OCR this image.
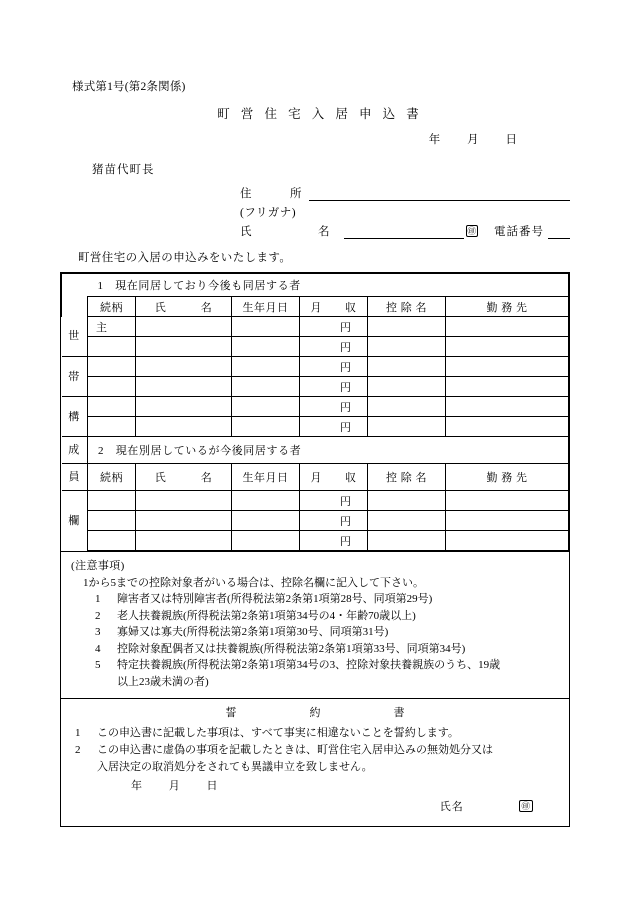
様式第1号(第2条関係)
町 営 住 宅 入 居 申 込 書
年 月 日
猪苗代町長
住　　　所
(フリガナ)
氏　　　名	㊞ 電話番号
町営住宅の入居の申込みをいたします。
	1　現在同居しており今後も同居する者					
	続柄	氏　　　名	生年月日	月　　収	控 除 名	勤 務 先
世	主			円		
				円		
帯				円		
				円		
構				円		
				円		
成	2　現在別居しているが今後同居する者					
員	続柄	氏　　　名	生年月日	月　　収	控 除 名	勤 務 先
欄				円		
				円		
				円		
(注意事項)
1から5までの控除対象者がいる場合は、控除名欄に記入して下さい。
1 障害者又は特別障害者(所得税法第2条第1項第28号、同項第29号)
2 老人扶養親族(所得税法第2条第1項第34号の4・年齢70歳以上)
3 寡婦又は寡夫(所得税法第2条第1項第30号、同項第31号)
4 控除対象配偶者又は扶養親族(所得税法第2条第1項第33号、同項第34号)
5 特定扶養親族(所得税法第2条第1項第34号の3、控除対象扶養親族のうち、19歳
以上23歳未満の者)
誓　　　約　　　書
1 この申込書に記載した事項は、すべて事実に相違ないことを誓約します。
2 この申込書に虚偽の事項を記載したときは、町営住宅入居申込みの無効処分又は
入居決定の取消処分をされても異議申立を致しません。
年 月 日
氏名	㊞
